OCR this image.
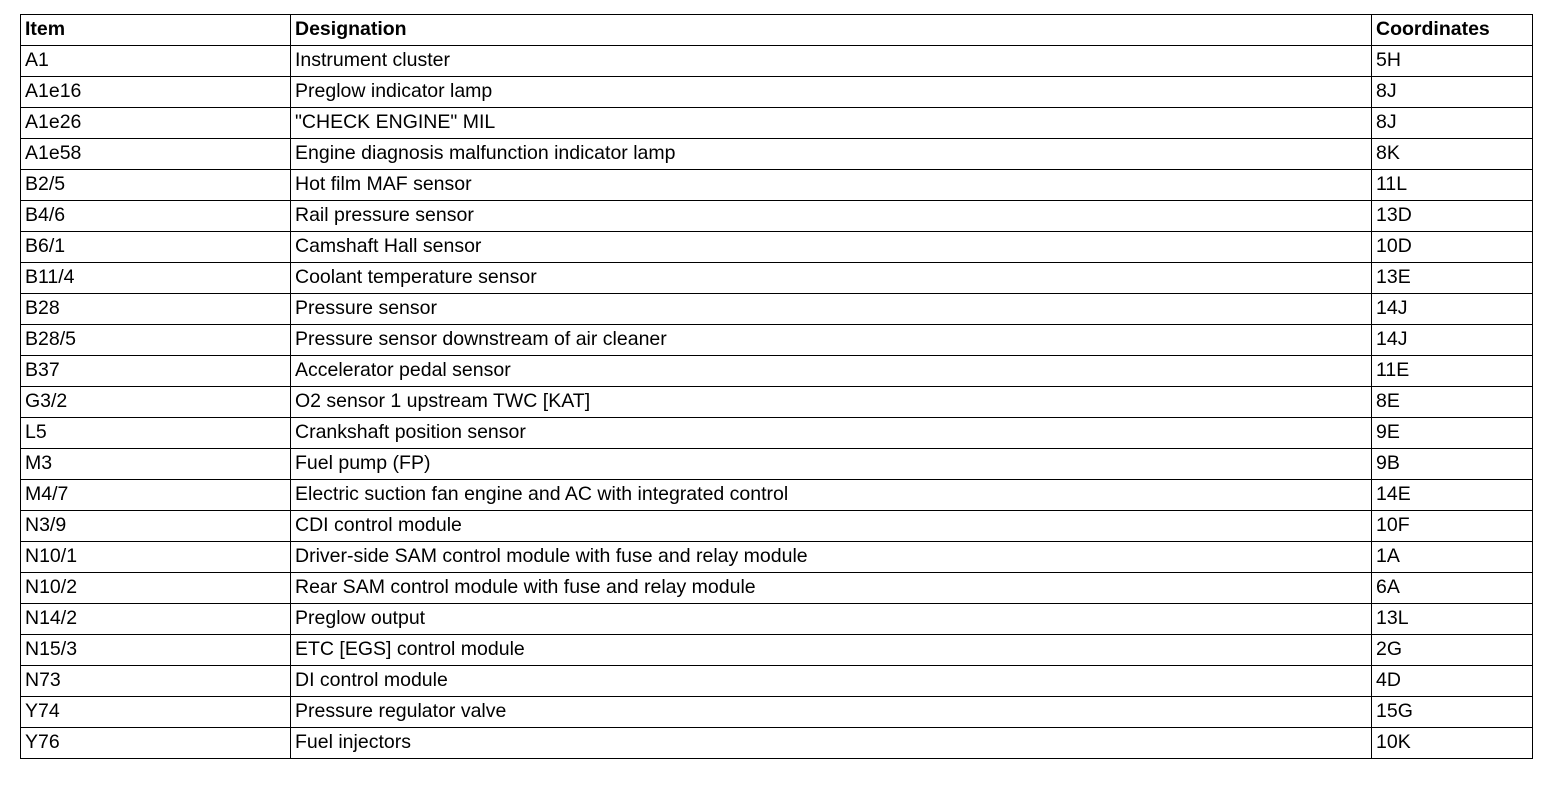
Item	Designation	Coordinates
A1	Instrument cluster	5H
A1e16	Preglow indicator lamp	8J
A1e26	"CHECK ENGINE" MIL	8J
A1e58	Engine diagnosis malfunction indicator lamp	8K
B2/5	Hot film MAF sensor	11L
B4/6	Rail pressure sensor	13D
B6/1	Camshaft Hall sensor	10D
B11/4	Coolant temperature sensor	13E
B28	Pressure sensor	14J
B28/5	Pressure sensor downstream of air cleaner	14J
B37	Accelerator pedal sensor	11E
G3/2	O2 sensor 1 upstream TWC [KAT]	8E
L5	Crankshaft position sensor	9E
M3	Fuel pump (FP)	9B
M4/7	Electric suction fan engine and AC with integrated control	14E
N3/9	CDI control module	10F
N10/1	Driver-side SAM control module with fuse and relay module	1A
N10/2	Rear SAM control module with fuse and relay module	6A
N14/2	Preglow output	13L
N15/3	ETC [EGS] control module	2G
N73	DI control module	4D
Y74	Pressure regulator valve	15G
Y76	Fuel injectors	10K
